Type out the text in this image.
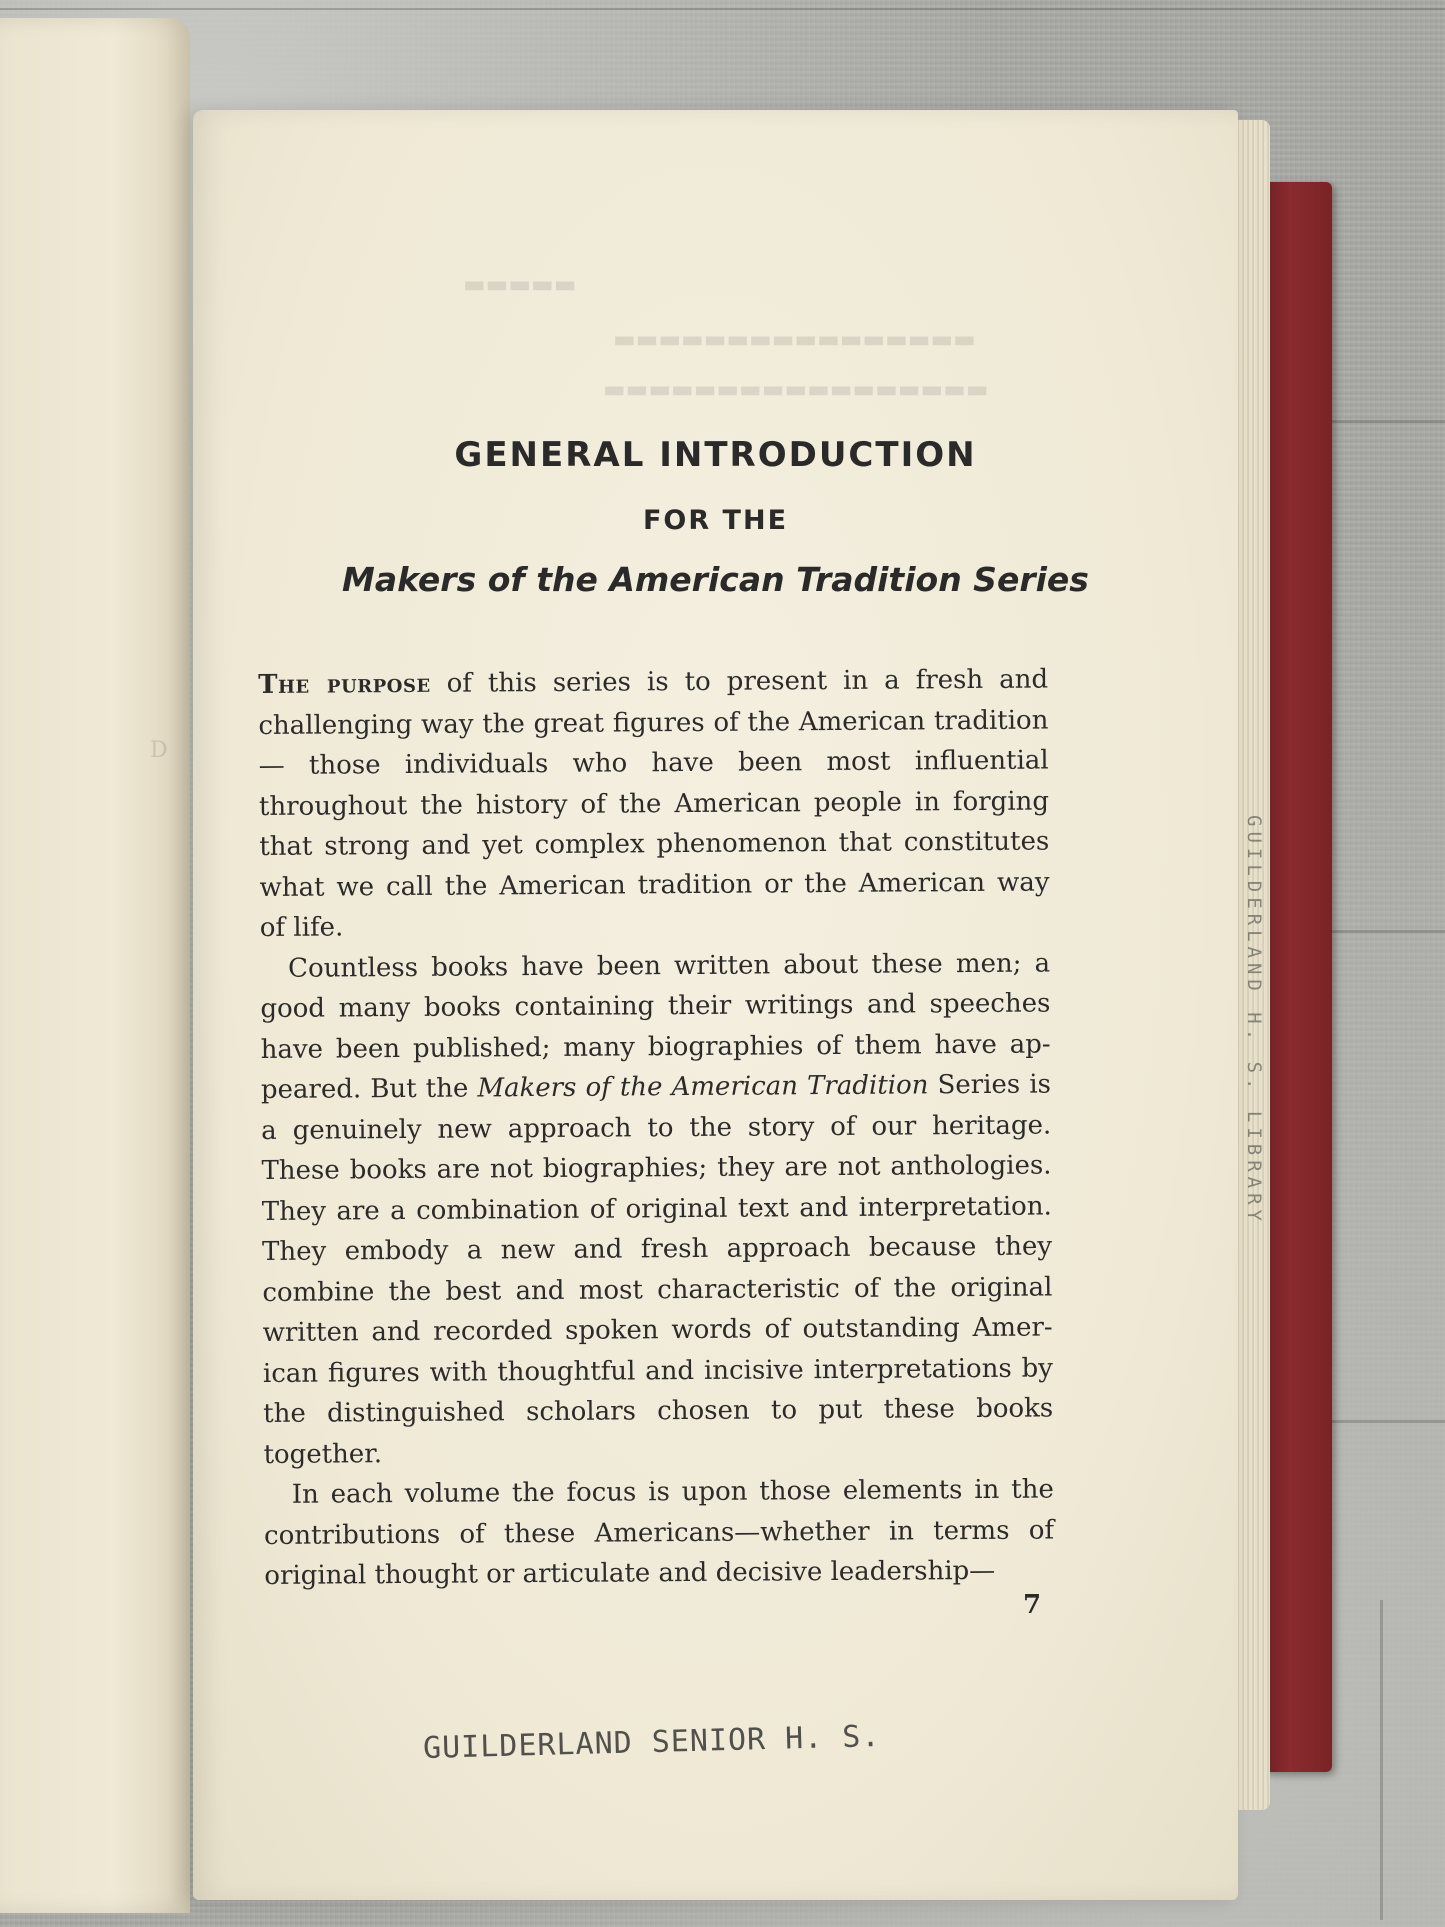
D
▬▬▬▬▬
▬▬▬▬▬▬▬▬▬▬▬▬▬▬▬▬
▬▬▬▬▬▬▬▬▬▬▬▬▬▬▬▬▬
GENERAL INTRODUCTION
FOR THE
Makers of the American Tradition Series

The purpose of this series is to present in a fresh and challenging way the great figures of the American tradition— those individuals who have been most influential throughout the history of the American people in forging that strong and yet complex phenomenon that constitutes what we call the American tradition or the American way of life.

Countless books have been written about these men; a good many books containing their writings and speeches have been published; many biographies of them have appeared. But the Makers of the American Tradition Series is a genuinely new approach to the story of our heritage. These books are not biographies; they are not anthologies. They are a combination of original text and interpretation. They embody a new and fresh approach because they combine the best and most characteristic of the original written and recorded spoken words of outstanding American figures with thoughtful and incisive interpretations by the distinguished scholars chosen to put these books together.

In each volume the focus is upon those elements in the contributions of these Americans—whether in terms of original thought or articulate and decisive leadership—

7
GUILDERLAND SENIOR H. S.
GUILDERLAND H. S. LIBRARY
